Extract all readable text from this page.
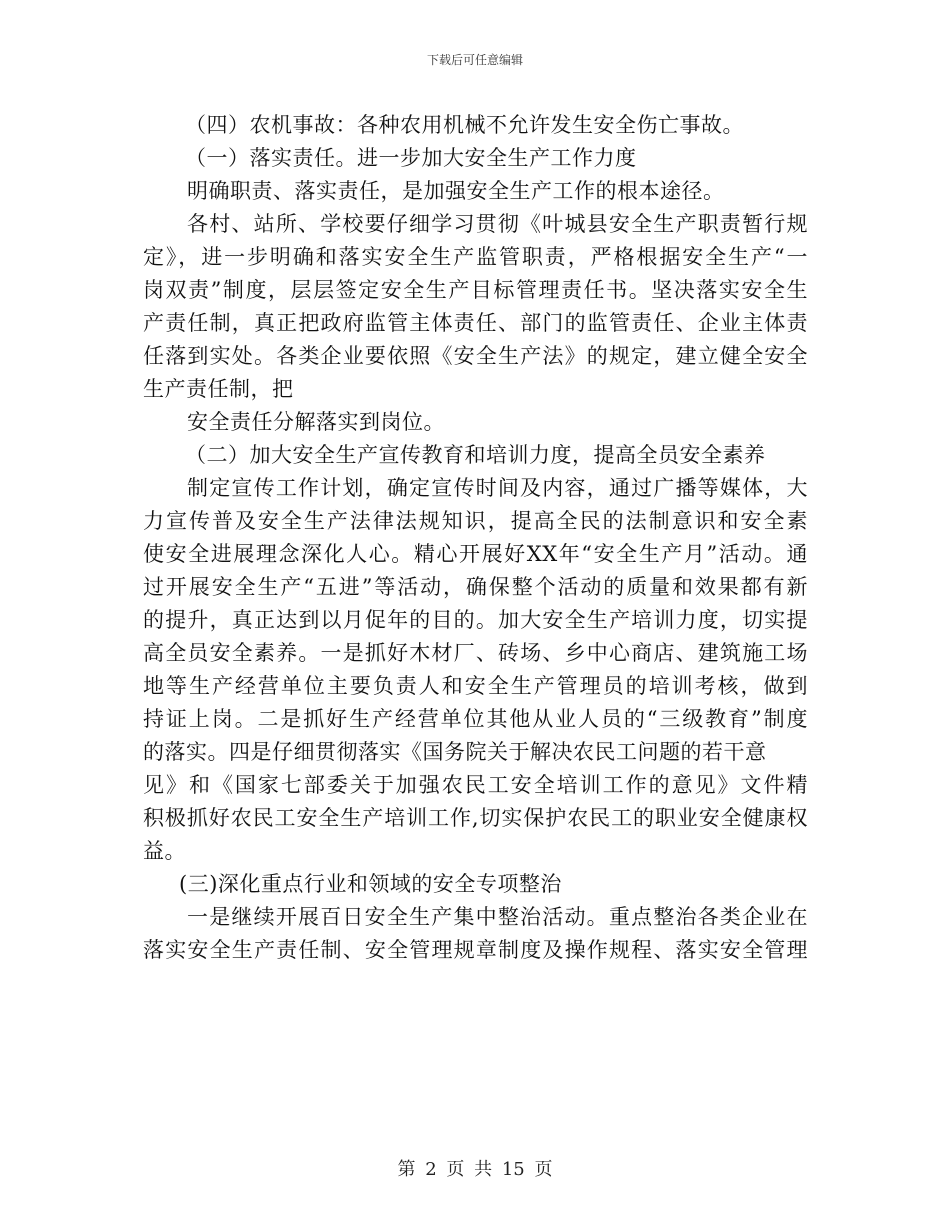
下载后可任意编辑
（四）农机事故：各种农用机械不允许发生安全伤亡事故。
（一）落实责任。进一步加大安全生产工作力度
明确职责、落实责任，是加强安全生产工作的根本途径。
各村、站所、学校要仔细学习贯彻《叶城县安全生产职责暂行规
定》，进一步明确和落实安全生产监管职责，严格根据安全生产“一
岗双责”制度，层层签定安全生产目标管理责任书。坚决落实安全生
产责任制，真正把政府监管主体责任、部门的监管责任、企业主体责
任落到实处。各类企业要依照《安全生产法》的规定，建立健全安全
生产责任制，把
安全责任分解落实到岗位。
（二）加大安全生产宣传教育和培训力度，提高全员安全素养
制定宣传工作计划，确定宣传时间及内容，通过广播等媒体，大
力宣传普及安全生产法律法规知识，提高全民的法制意识和安全素
使安全进展理念深化人心。精心开展好XX年“安全生产月”活动。通
过开展安全生产“五进”等活动，确保整个活动的质量和效果都有新
的提升，真正达到以月促年的目的。加大安全生产培训力度，切实提
高全员安全素养。一是抓好木材厂、砖场、乡中心商店、建筑施工场
地等生产经营单位主要负责人和安全生产管理员的培训考核，做到
持证上岗。二是抓好生产经营单位其他从业人员的“三级教育”制度
的落实。四是仔细贯彻落实《国务院关于解决农民工问题的若干意
见》和《国家七部委关于加强农民工安全培训工作的意见》文件精
积极抓好农民工安全生产培训工作,切实保护农民工的职业安全健康权
益。
(三)深化重点行业和领域的安全专项整治
一是继续开展百日安全生产集中整治活动。重点整治各类企业在
落实安全生产责任制、安全管理规章制度及操作规程、落实安全管理
第 2 页 共 15 页
